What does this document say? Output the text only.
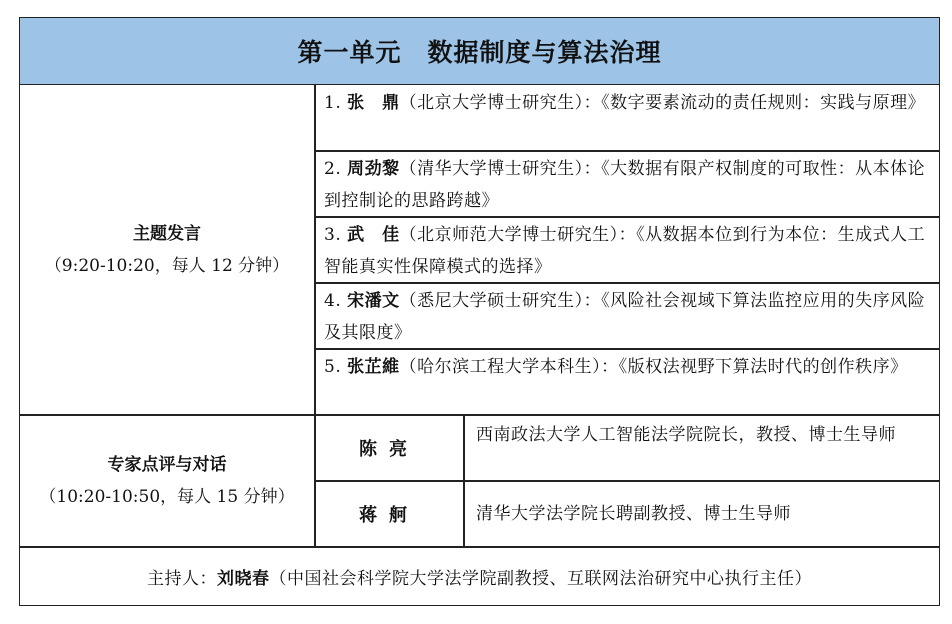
第一单元　数据制度与算法治理
主题发言
（9:20-10:20，每人 12 分钟）
1. 张　鼎（北京大学博士研究生）：《数字要素流动的责任规则：实践与原理》
2. 周劲黎（清华大学博士研究生）：《大数据有限产权制度的可取性：从本体论到控制论的思路跨越》
3. 武　佳（北京师范大学博士研究生）：《从数据本位到行为本位：生成式人工智能真实性保障模式的选择》
4. 宋潘文（悉尼大学硕士研究生）：《风险社会视域下算法监控应用的失序风险及其限度》
5. 张芷維（哈尔滨工程大学本科生）：《版权法视野下算法时代的创作秩序》
专家点评与对话
（10:20-10:50，每人 15 分钟）
陈亮
西南政法大学人工智能法学院院长，教授、博士生导师
蒋舸	清华大学法学院长聘副教授、博士生导师
主持人： 刘晓春 （中国社会科学院大学法学院副教授、互联网法治研究中心执行主任）
